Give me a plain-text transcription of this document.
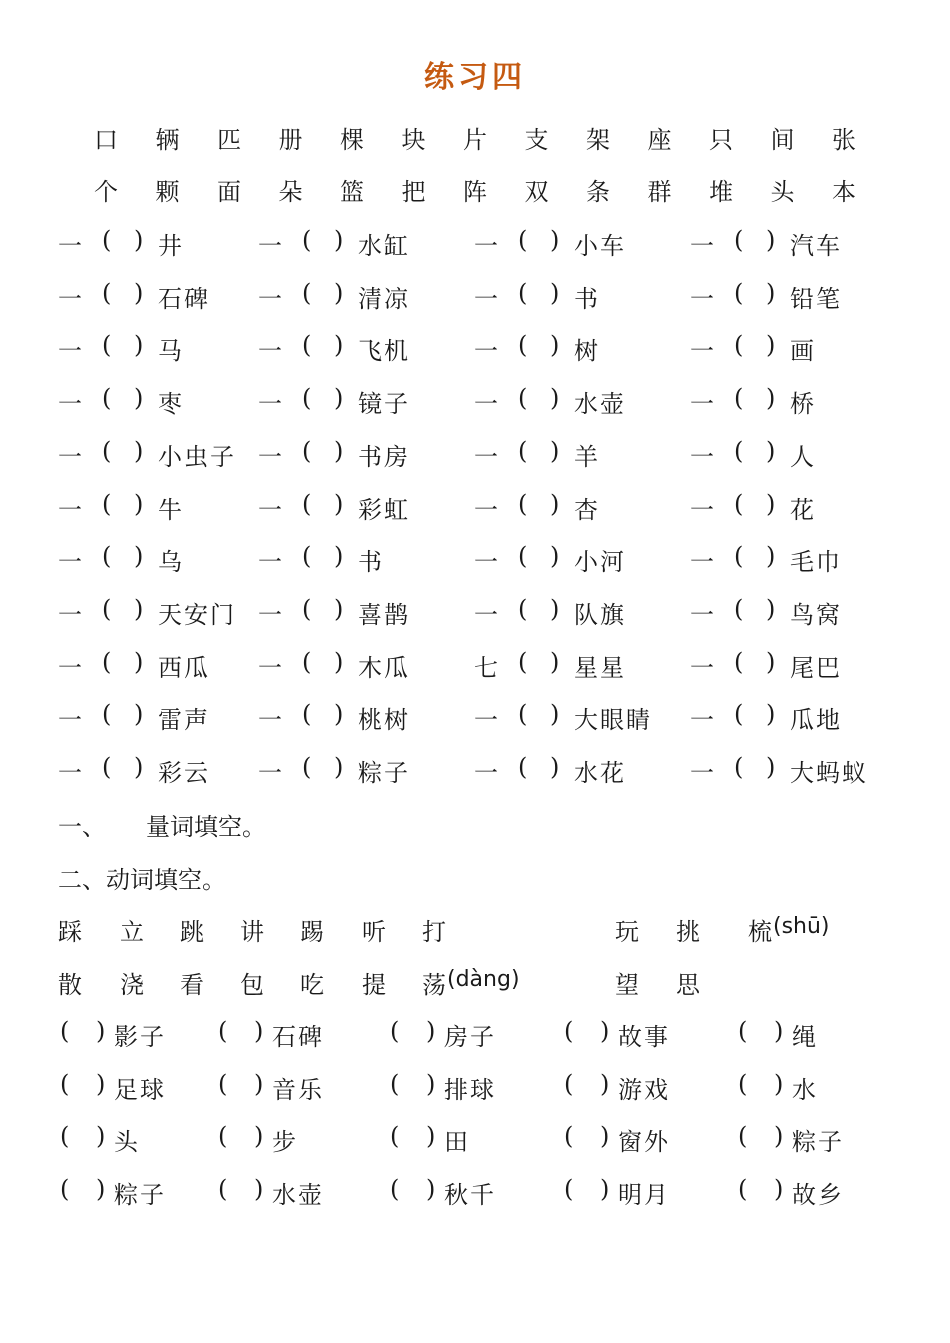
练习四
口	辆	匹	册	棵	块	片	支	架	座	只	间	张
个	颗	面	朵	篮	把	阵	双	条	群	堆	头	本
一 ( ) 井	一 ( ) 水缸	一 ( ) 小车	一 ( ) 汽车
一 ( ) 石碑 一 ( ) 清凉	一 ( ) 书	一 ( ) 铅笔
一 ( ) 马	一 ( ) 飞机	一 ( ) 树	一 ( ) 画
一 ( ) 枣	一 ( ) 镜子	一 ( ) 水壶	一 ( ) 桥
一 ( ) 小虫子 一 ( ) 书房	一 ( ) 羊	一 ( ) 人
一 ( ) 牛	一 ( ) 彩虹	一 ( ) 杏	一 ( ) 花
一 ( ) 乌	一 ( ) 书	一 ( ) 小河	一 ( ) 毛巾
一 ( ) 天安门 一 ( ) 喜鹊	一 ( ) 队旗	一 ( ) 鸟窝
一 ( ) 西瓜 一 ( ) 木瓜	七 ( ) 星星	一 ( ) 尾巴
一 ( ) 雷声 一 ( ) 桃树	一 ( ) 大眼睛 一 ( ) 瓜地
一 ( ) 彩云 一 ( ) 粽子	一 ( ) 水花	一 ( ) 大蚂蚁
一、 量词填空。
二、动词填空。
踩 立 跳 讲 踢 听 打	玩 挑 梳 (shū)
散 浇 看 包 吃 提 荡 (dàng)	望 思
( ) 影子 ( ) 石碑	( ) 房子	( ) 故事	( ) 绳
( ) 足球 ( ) 音乐	( ) 排球	( ) 游戏	( ) 水
( ) 头	( ) 步	( ) 田	( ) 窗外	( ) 粽子
( ) 粽子 ( ) 水壶	( ) 秋千	( ) 明月	( ) 故乡
